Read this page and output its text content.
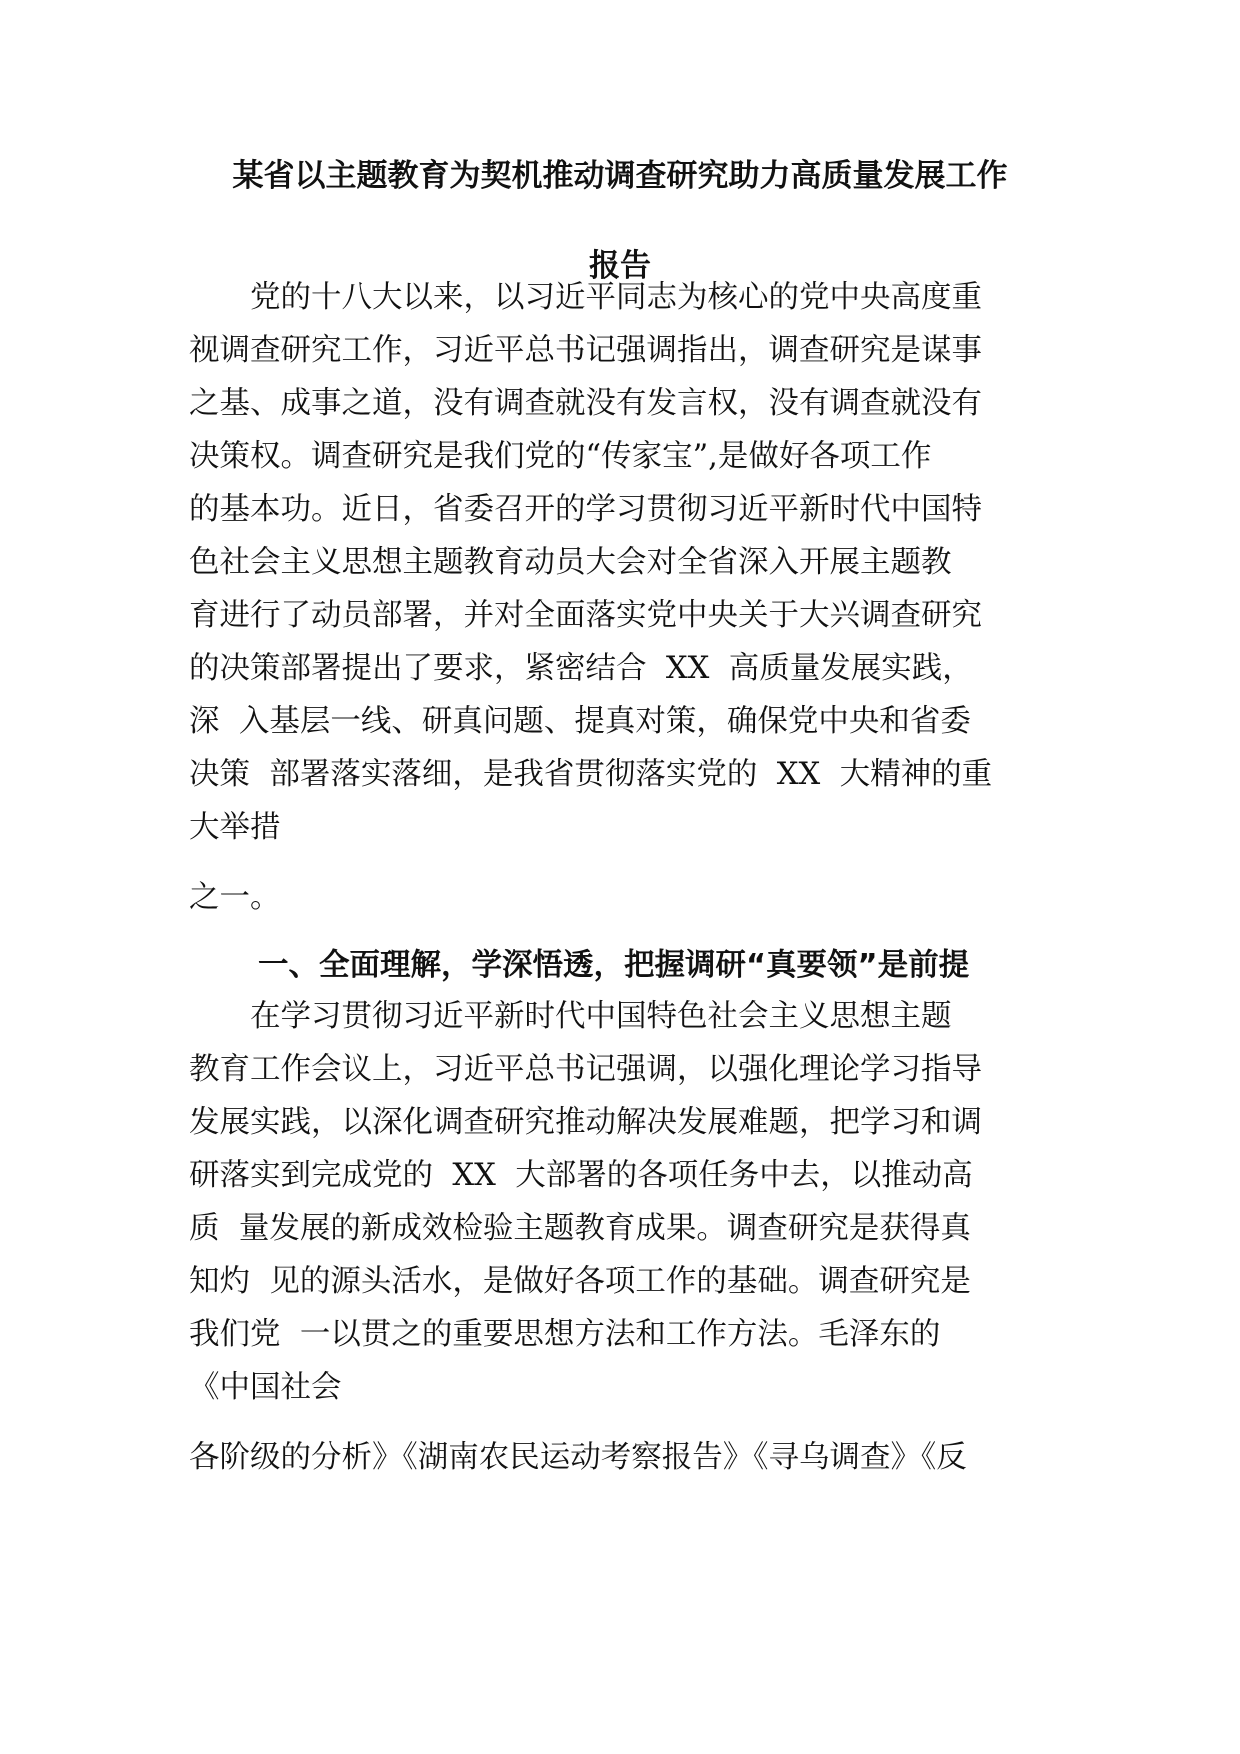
某省以主题教育为契机推动调查研究助力高质量发展工作
报告

　　党的十八大以来，以习近平同志为核心的党中央高度重

视调查研究工作，习近平总书记强调指出，调查研究是谋事

之基、成事之道，没有调查就没有发言权，没有调查就没有

决策权。调查研究是我们党的“传家宝”,是做好各项工作

的基本功。近日，省委召开的学习贯彻习近平新时代中国特

色社会主义思想主题教育动员大会对全省深入开展主题教

育进行了动员部署，并对全面落实党中央关于大兴调查研究

的决策部署提出了要求，紧密结合  XX  高质量发展实践，

深  入基层一线、研真问题、提真对策，确保党中央和省委

决策  部署落实落细，是我省贯彻落实党的  XX  大精神的重

大举措

之一。

一、全面理解，学深悟透，把握调研“真要领”是前提

　　在学习贯彻习近平新时代中国特色社会主义思想主题

教育工作会议上，习近平总书记强调，以强化理论学习指导

发展实践，以深化调查研究推动解决发展难题，把学习和调

研落实到完成党的  XX  大部署的各项任务中去，以推动高

质  量发展的新成效检验主题教育成果。调查研究是获得真

知灼  见的源头活水，是做好各项工作的基础。调查研究是

我们党  一以贯之的重要思想方法和工作方法。毛泽东的

《中国社会

各阶级的分析》《湖南农民运动考察报告》《寻乌调查》《反
